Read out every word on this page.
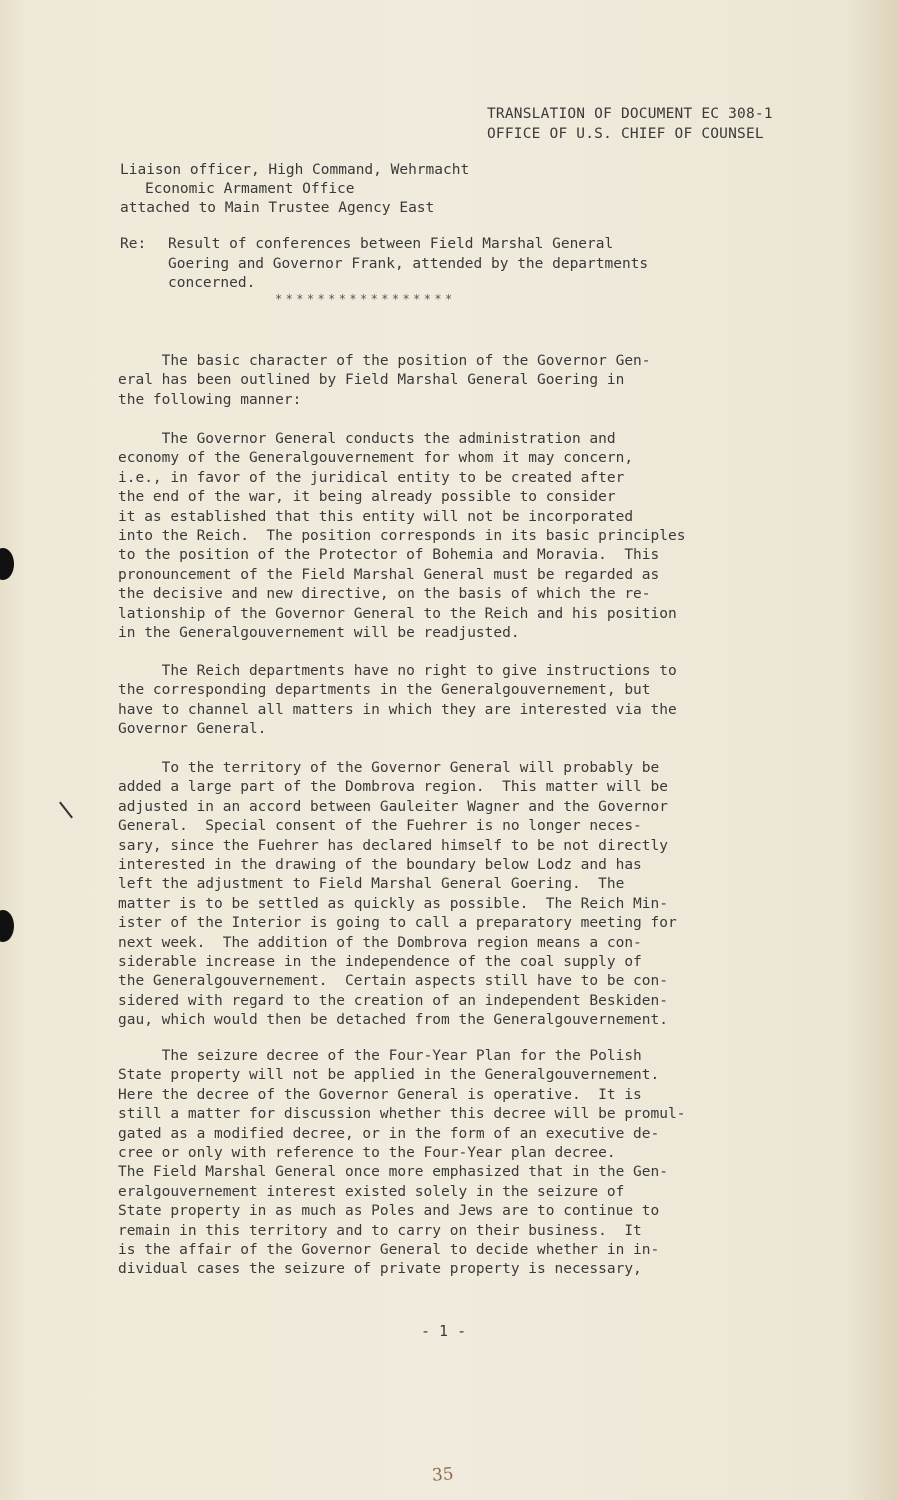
TRANSLATION OF DOCUMENT EC 308-1
OFFICE OF U.S. CHIEF OF COUNSEL
Liaison officer, High Command, Wehrmacht
Economic Armament Office
attached to Main Trustee Agency East
Re: Result of conferences between Field Marshal General
Goering and Governor Frank, attended by the departments
concerned.
*****************
The basic character of the position of the Governor Gen-
eral has been outlined by Field Marshal General Goering in
the following manner:
The Governor General conducts the administration and
economy of the Generalgouvernement for whom it may concern,
i.e., in favor of the juridical entity to be created after
the end of the war, it being already possible to consider
it as established that this entity will not be incorporated
into the Reich.  The position corresponds in its basic principles
to the position of the Protector of Bohemia and Moravia.  This
pronouncement of the Field Marshal General must be regarded as
the decisive and new directive, on the basis of which the re-
lationship of the Governor General to the Reich and his position
in the Generalgouvernement will be readjusted.
The Reich departments have no right to give instructions to
the corresponding departments in the Generalgouvernement, but
have to channel all matters in which they are interested via the
Governor General.
To the territory of the Governor General will probably be
added a large part of the Dombrova region.  This matter will be
adjusted in an accord between Gauleiter Wagner and the Governor
General.  Special consent of the Fuehrer is no longer neces-
sary, since the Fuehrer has declared himself to be not directly
interested in the drawing of the boundary below Lodz and has
left the adjustment to Field Marshal General Goering.  The
matter is to be settled as quickly as possible.  The Reich Min-
ister of the Interior is going to call a preparatory meeting for
next week.  The addition of the Dombrova region means a con-
siderable increase in the independence of the coal supply of
the Generalgouvernement.  Certain aspects still have to be con-
sidered with regard to the creation of an independent Beskiden-
gau, which would then be detached from the Generalgouvernement.
The seizure decree of the Four-Year Plan for the Polish
State property will not be applied in the Generalgouvernement.
Here the decree of the Governor General is operative.  It is
still a matter for discussion whether this decree will be promul-
gated as a modified decree, or in the form of an executive de-
cree or only with reference to the Four-Year plan decree.
The Field Marshal General once more emphasized that in the Gen-
eralgouvernement interest existed solely in the seizure of
State property in as much as Poles and Jews are to continue to
remain in this territory and to carry on their business.  It
is the affair of the Governor General to decide whether in in-
dividual cases the seizure of private property is necessary,
- 1 -
35
